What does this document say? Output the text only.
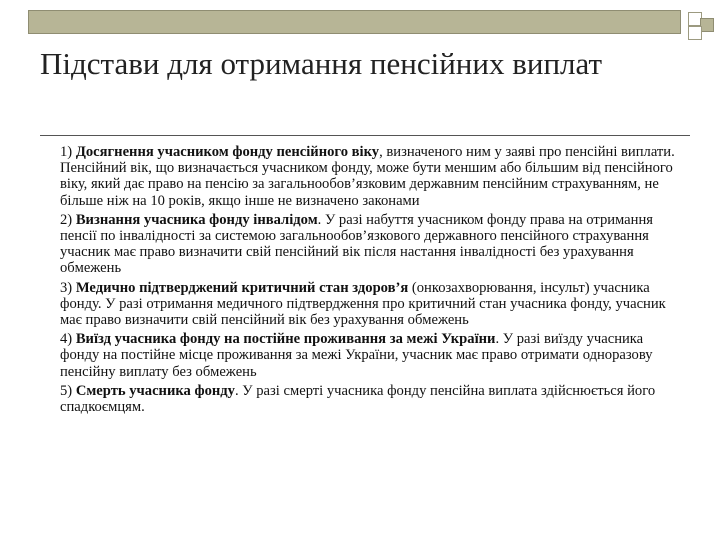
Підстави для отримання пенсійних виплат

1) Досягнення учасником фонду пенсійного віку, визначеного ним у заяві про пенсійні виплати. Пенсійний вік, що визначається учасником фонду, може бути меншим або більшим від пенсійного віку, який дає право на пенсію за загальнообов’язковим державним пенсійним страхуванням, не більше ніж на 10 років, якщо інше не визначено законами

2) Визнання учасника фонду інвалідом. У разі набуття учасником фонду права на отримання пенсії по інвалідності за системою загальнообов’язкового державного пенсійного страхування учасник має право визначити свій пенсійний вік після настання інвалідності без урахування обмежень

3) Медично підтверджений критичний стан здоров’я (онкозахворювання, інсульт) учасника фонду. У разі отримання медичного підтвердження про критичний стан учасника фонду, учасник має право визначити свій пенсійний вік без урахування обмежень

4) Виїзд учасника фонду на постійне проживання за межі України. У разі виїзду учасника фонду на постійне місце проживання за межі України, учасник має право отримати одноразову пенсійну виплату без обмежень

5) Смерть учасника фонду. У разі смерті учасника фонду пенсійна виплата здійснюється його спадкоємцям.
